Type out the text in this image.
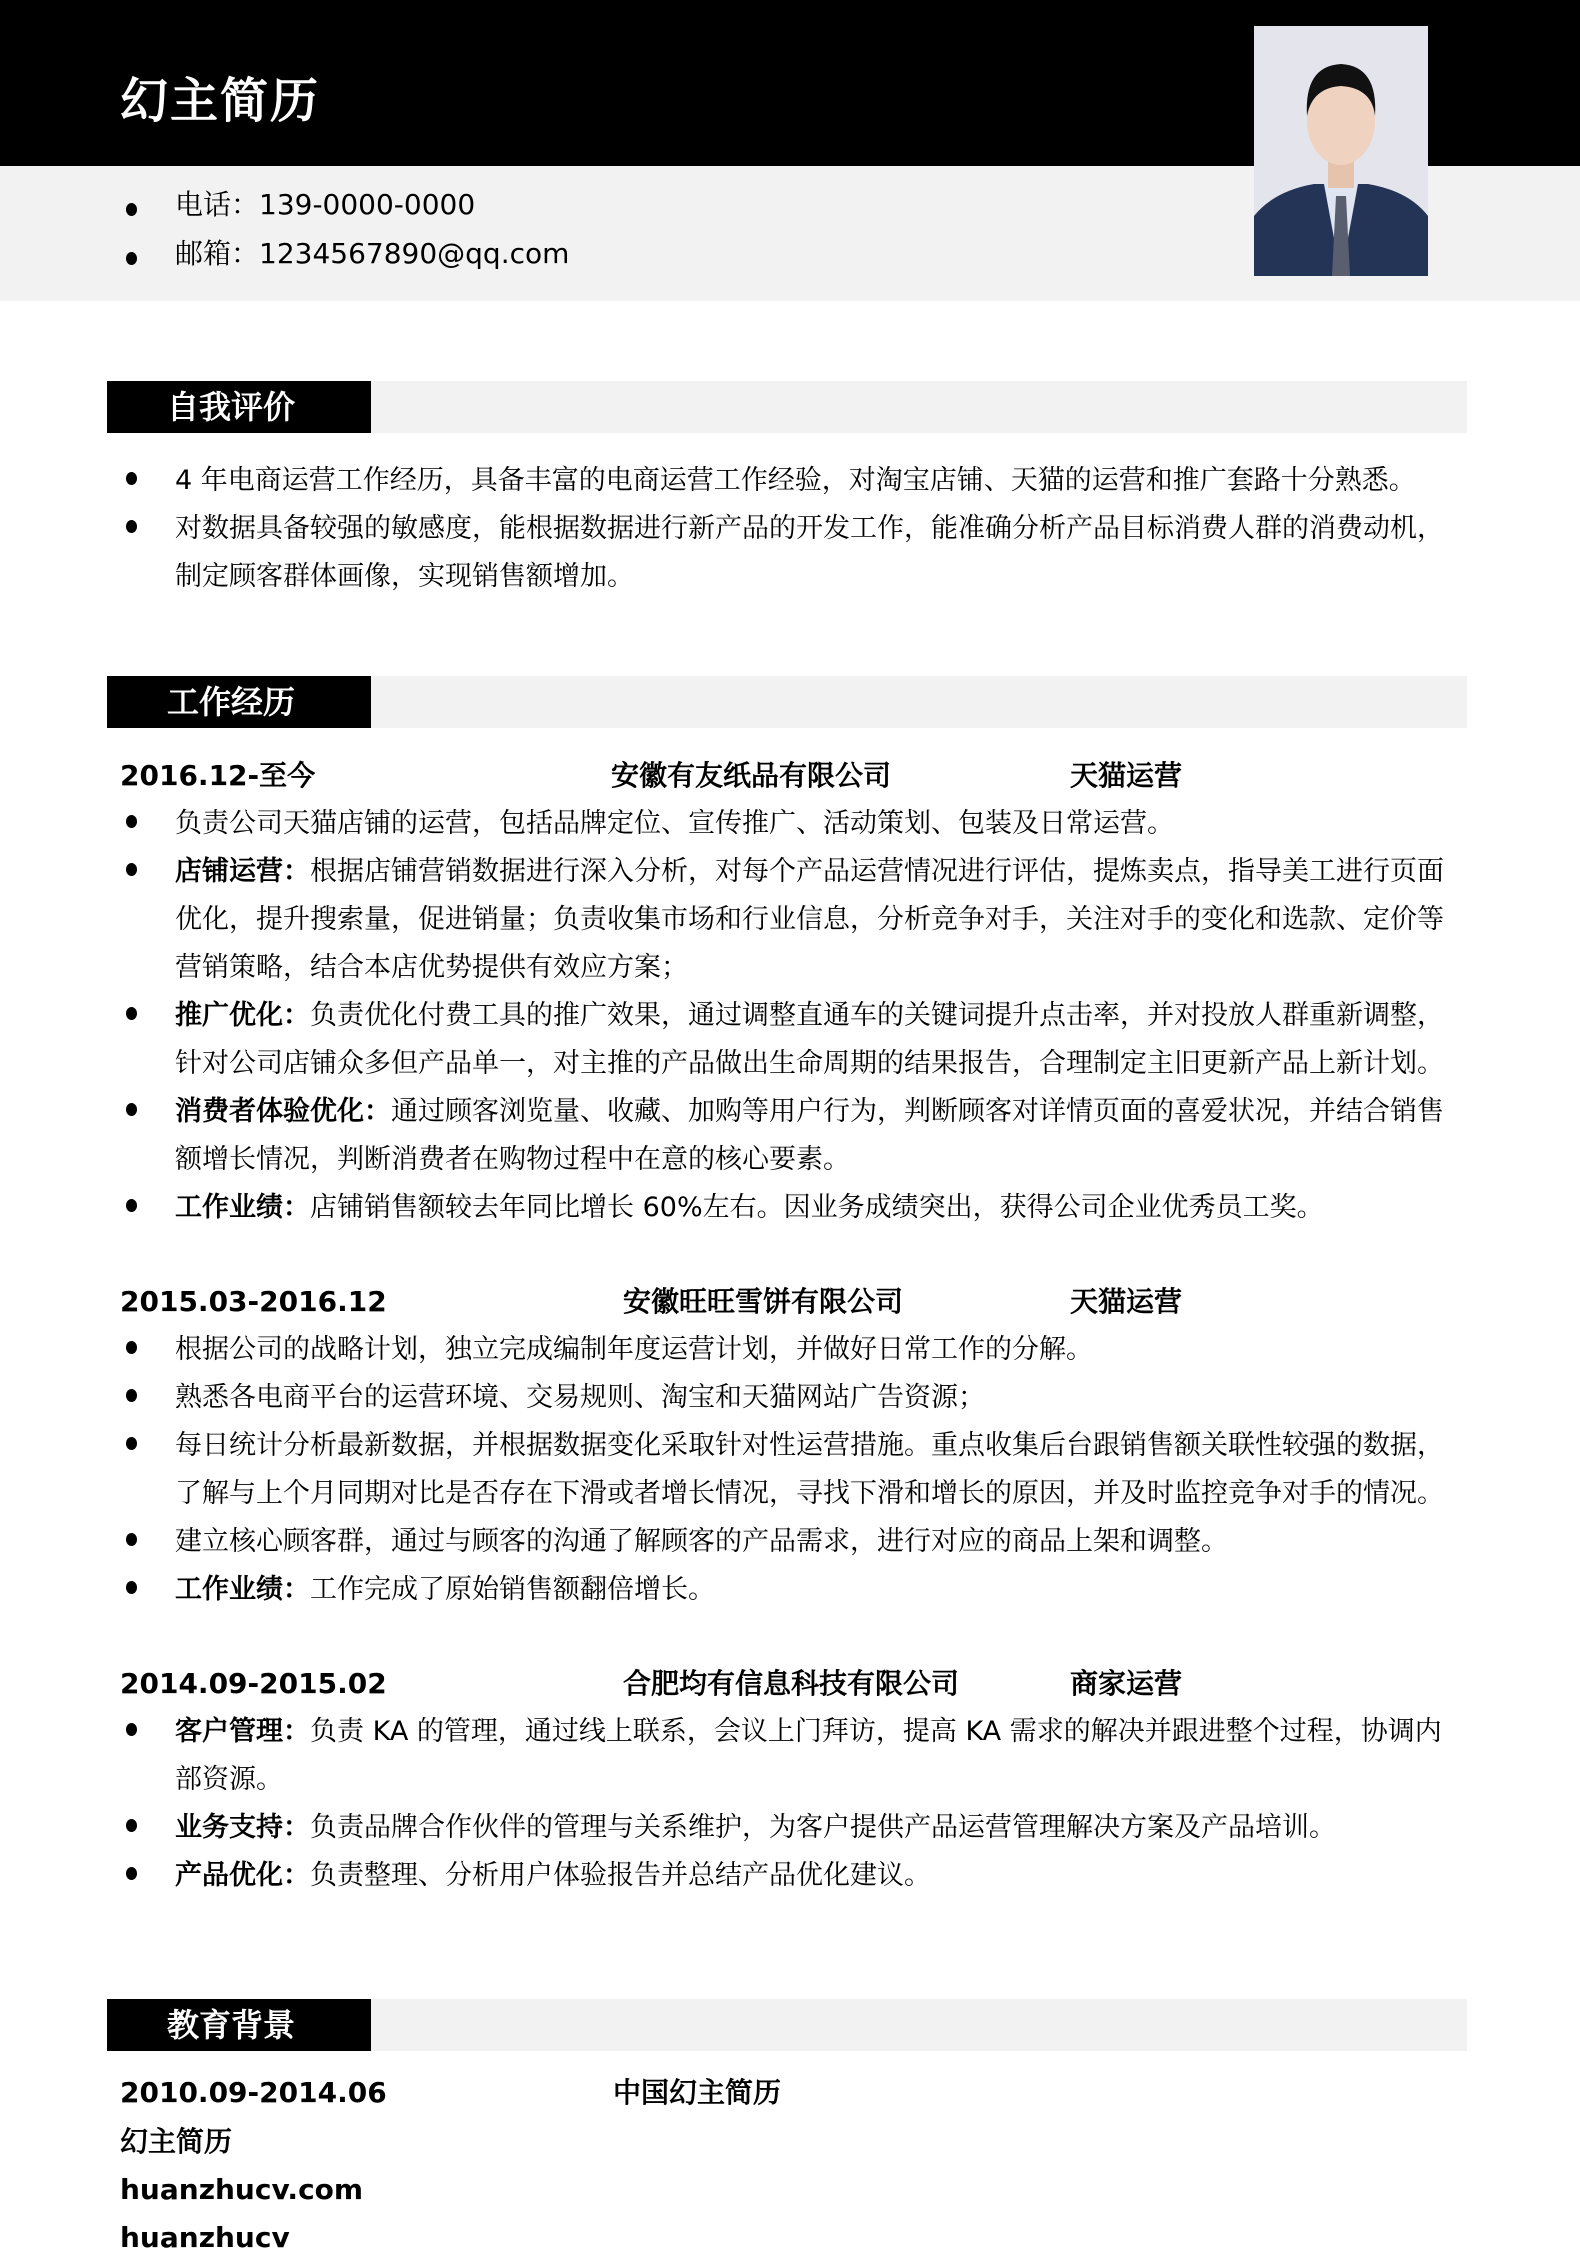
幻主简历
电话：139-0000-0000
邮箱：1234567890@qq.com
自我评价

4 年电商运营工作经历，具备丰富的电商运营工作经验，对淘宝店铺、天猫的运营和推广套路十分熟悉。

对数据具备较强的敏感度，能根据数据进行新产品的开发工作，能准确分析产品目标消费人群的消费动机，制定顾客群体画像，实现销售额增加。

工作经历
2016.12-至今	安徽有友纸品有限公司	天猫运营

负责公司天猫店铺的运营，包括品牌定位、宣传推广、活动策划、包装及日常运营。

店铺运营：根据店铺营销数据进行深入分析，对每个产品运营情况进行评估，提炼卖点，指导美工进行页面优化，提升搜索量，促进销量；负责收集市场和行业信息，分析竞争对手，关注对手的变化和选款、定价等营销策略，结合本店优势提供有效应方案；

推广优化：负责优化付费工具的推广效果，通过调整直通车的关键词提升点击率，并对投放人群重新调整，针对公司店铺众多但产品单一，对主推的产品做出生命周期的结果报告，合理制定主旧更新产品上新计划。

消费者体验优化：通过顾客浏览量、收藏、加购等用户行为，判断顾客对详情页面的喜爱状况，并结合销售额增长情况，判断消费者在购物过程中在意的核心要素。

工作业绩：店铺销售额较去年同比增长 60%左右。因业务成绩突出，获得公司企业优秀员工奖。

2015.03-2016.12	安徽旺旺雪饼有限公司	天猫运营

根据公司的战略计划，独立完成编制年度运营计划，并做好日常工作的分解。

熟悉各电商平台的运营环境、交易规则、淘宝和天猫网站广告资源；

每日统计分析最新数据，并根据数据变化采取针对性运营措施。重点收集后台跟销售额关联性较强的数据，了解与上个月同期对比是否存在下滑或者增长情况，寻找下滑和增长的原因，并及时监控竞争对手的情况。

建立核心顾客群，通过与顾客的沟通了解顾客的产品需求，进行对应的商品上架和调整。

工作业绩：工作完成了原始销售额翻倍增长。

2014.09-2015.02	合肥均有信息科技有限公司	商家运营

客户管理：负责 KA 的管理，通过线上联系，会议上门拜访，提高 KA 需求的解决并跟进整个过程，协调内部资源。

业务支持：负责品牌合作伙伴的管理与关系维护，为客户提供产品运营管理解决方案及产品培训。

产品优化：负责整理、分析用户体验报告并总结产品优化建议。

教育背景
2010.09-2014.06	中国幻主简历
幻主简历
huanzhucv.com
huanzhucv
